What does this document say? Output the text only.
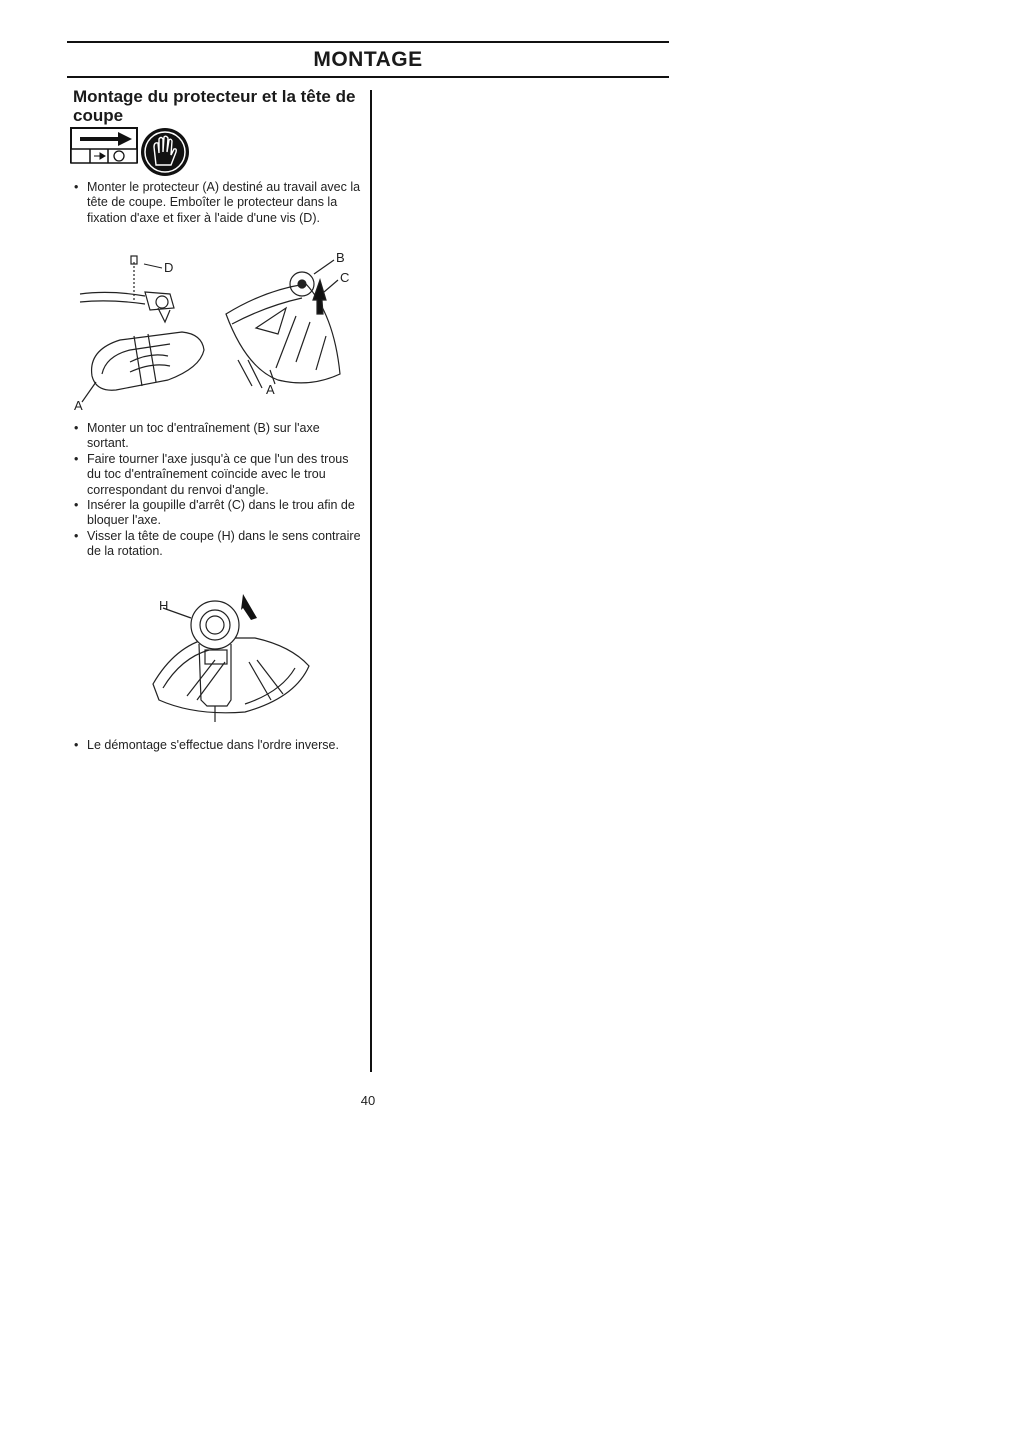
MONTAGE
Montage du protecteur et la tête de coupe
• Monter le protecteur (A) destiné au travail avec la tête de coupe. Emboîter le protecteur dans la fixation d'axe et fixer à l'aide d'une vis (D).
D
A
B
C
A
• Monter un toc d'entraînement (B) sur l'axe sortant.
• Faire tourner l'axe jusqu'à ce que l'un des trous du toc d'entraînement coïncide avec le trou correspondant du renvoi d'angle.
• Insérer la goupille d'arrêt (C) dans le trou afin de bloquer l'axe.
• Visser la tête de coupe (H) dans le sens contraire de la rotation.
H
• Le démontage s'effectue dans l'ordre inverse.
40
